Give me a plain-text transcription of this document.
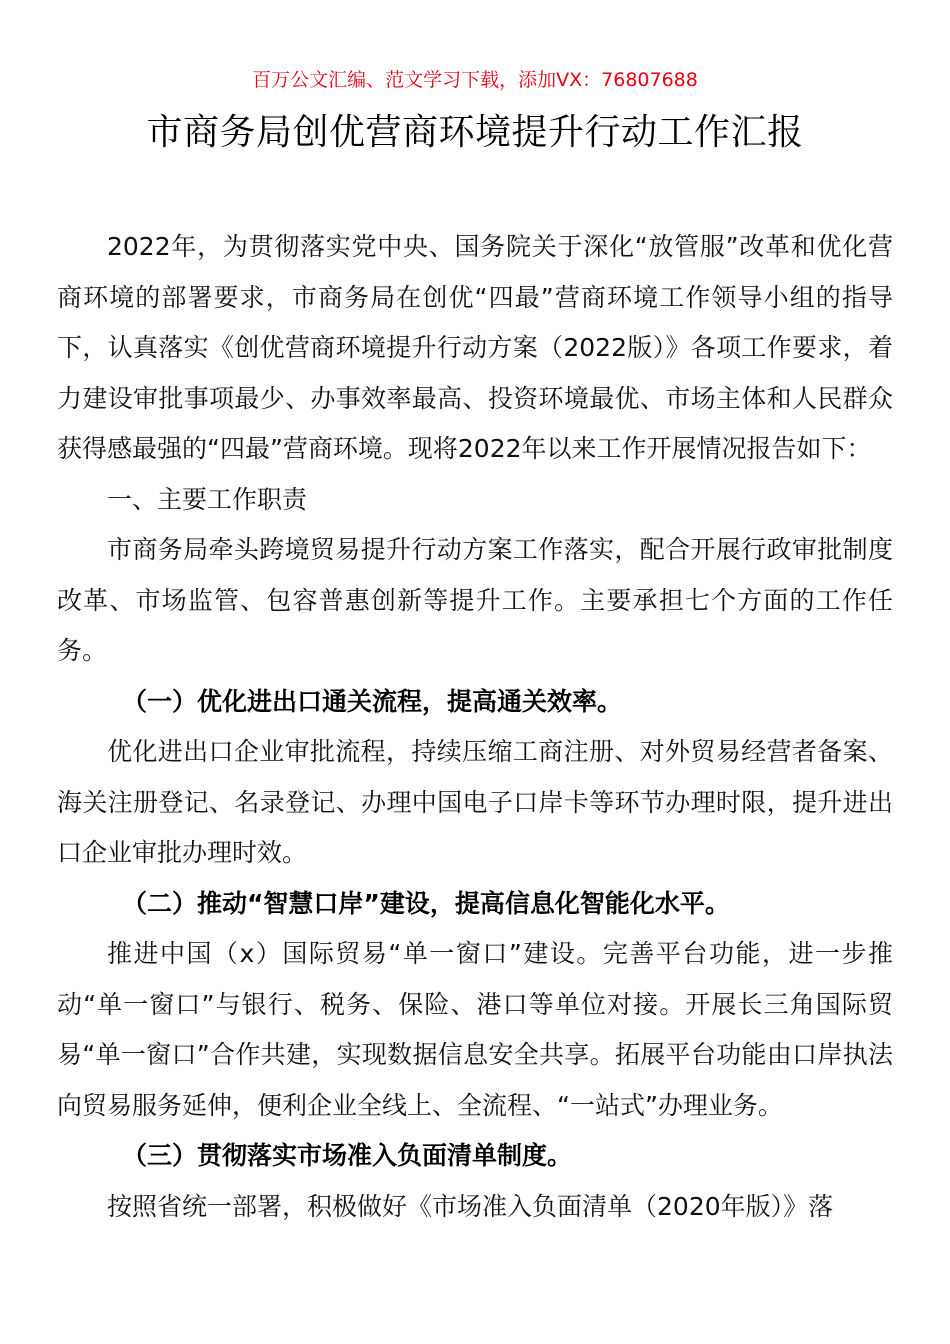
百万公文汇编、范文学习下载，添加VX：76807688
市商务局创优营商环境提升行动工作汇报

2022年，为贯彻落实党中央、国务院关于深化“放管服”改革和优化营商环境的部署要求，市商务局在创优“四最”营商环境工作领导小组的指导下，认真落实《创优营商环境提升行动方案（2022版）》各项工作要求，着力建设审批事项最少、办事效率最高、投资环境最优、市场主体和人民群众获得感最强的“四最”营商环境。现将2022年以来工作开展情况报告如下：

一、主要工作职责

市商务局牵头跨境贸易提升行动方案工作落实，配合开展行政审批制度改革、市场监管、包容普惠创新等提升工作。主要承担七个方面的工作任务。

（一）优化进出口通关流程，提高通关效率。

优化进出口企业审批流程，持续压缩工商注册、对外贸易经营者备案、海关注册登记、名录登记、办理中国电子口岸卡等环节办理时限，提升进出口企业审批办理时效。

（二）推动“智慧口岸”建设，提高信息化智能化水平。

推进中国（x）国际贸易“单一窗口”建设。完善平台功能，进一步推动“单一窗口”与银行、税务、保险、港口等单位对接。开展长三角国际贸易“单一窗口”合作共建，实现数据信息安全共享。拓展平台功能由口岸执法向贸易服务延伸，便利企业全线上、全流程、“一站式”办理业务。

（三）贯彻落实市场准入负面清单制度。

按照省统一部署，积极做好《市场准入负面清单（2020年版）》落
